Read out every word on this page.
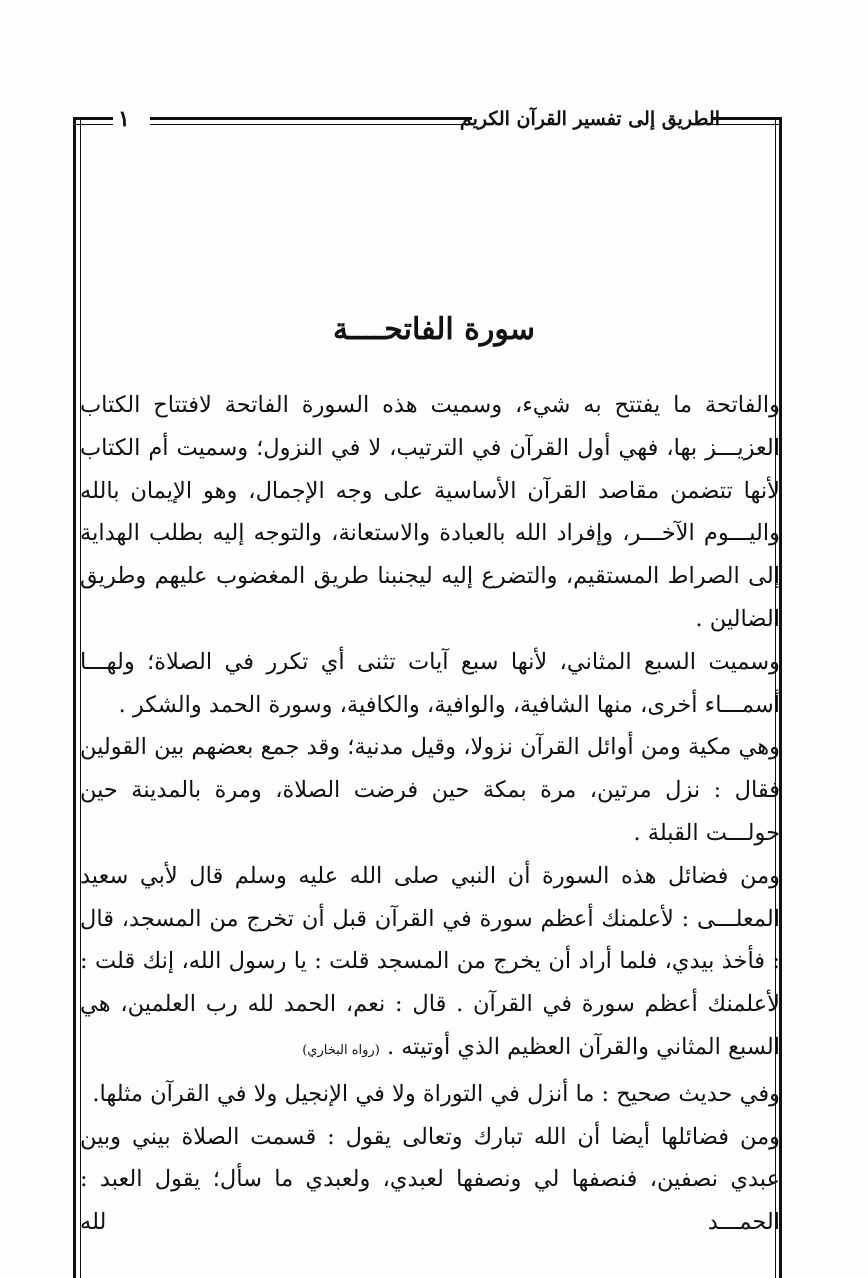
الطريق إلى تفسير القرآن الكريم
١
سورة الفاتحــــة

والفاتحة ما يفتتح به شيء، وسميت هذه السورة الفاتحة لافتتاح الكتاب العزيـــز بها، فهي أول القرآن في الترتيب، لا في النزول؛ وسميت أم الكتاب لأنها تتضمن مقاصد القرآن الأساسية على وجه الإجمال، وهو الإيمان بالله واليـــوم الآخـــر، وإفراد الله بالعبادة والاستعانة، والتوجه إليه بطلب الهداية إلى الصراط المستقيم، والتضرع إليه ليجنبنا طريق المغضوب عليهم وطريق الضالين .

وسميت السبع المثاني، لأنها سبع آيات تثنى أي تكرر في الصلاة؛ ولهـــا أسمـــاء أخرى، منها الشافية، والوافية، والكافية، وسورة الحمد والشكر .

وهي مكية ومن أوائل القرآن نزولا، وقيل مدنية؛ وقد جمع بعضهم بين القولين فقال : نزل مرتين، مرة بمكة حين فرضت الصلاة، ومرة بالمدينة حين حولـــت القبلة .

ومن فضائل هذه السورة أن النبي صلى الله عليه وسلم قال لأبي سعيد المعلـــى : لأعلمنك أعظم سورة في القرآن قبل أن تخرج من المسجد، قال : فأخذ بيدي، فلما أراد أن يخرج من المسجد قلت : يا رسول الله، إنك قلت : لأعلمنك أعظم سورة في القرآن . قال : نعم، الحمد لله رب العلمين، هي السبع المثاني والقرآن العظيم الذي أوتيته . (رواه البخاري)

وفي حديث صحيح : ما أنزل في التوراة ولا في الإنجيل ولا في القرآن مثلها.

ومن فضائلها أيضا أن الله تبارك وتعالى يقول : قسمت الصلاة بيني وبين عبدي نصفين، فنصفها لي ونصفها لعبدي، ولعبدي ما سأل؛ يقول العبد : الحمـــد لله
